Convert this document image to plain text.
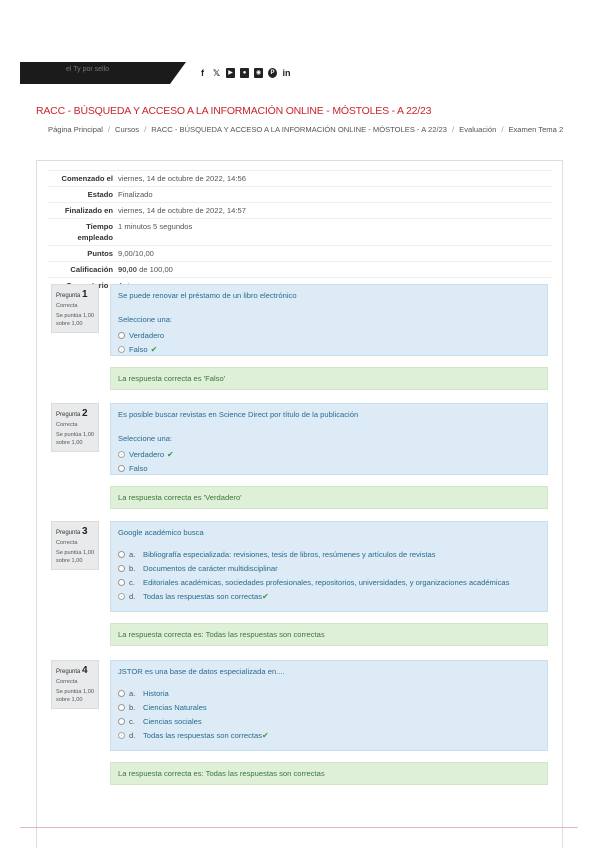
el Ty por sello	f 𝕏	▶	●	◉	P in
RACC - BÚSQUEDA Y ACCESO A LA INFORMACIÓN ONLINE - MÓSTOLES - A 22/23
Página Principal / Cursos / RACC - BÚSQUEDA Y ACCESO A LA INFORMACIÓN ONLINE - MÓSTOLES - A 22/23 / Evaluación / Examen Tema 2
Comenzado el viernes, 14 de octubre de 2022, 14:56
Estado Finalizado
Finalizado en viernes, 14 de octubre de 2022, 14:57
Tiempo
empleado
1 minutos 5 segundos
Puntos 9,00/10,00
Calificación 90,00 de 100,00
Pregunta 1
Correcta
Se puntúa 1,00 sobre 1,00
Se puede renovar el préstamo de un libro electrónico
Seleccione una:
Verdadero
Falso ✔
La respuesta correcta es 'Falso'
Pregunta 2
Correcta
Se puntúa 1,00 sobre 1,00
Es posible buscar revistas en Science Direct por título de la publicación
Seleccione una:
Verdadero ✔
Falso
La respuesta correcta es 'Verdadero'
Pregunta 3
Correcta
Se puntúa 1,00 sobre 1,00
Google académico busca
a.	Bibliografía especializada: revisiones, tesis de libros, resúmenes y artículos de revistas
b.	Documentos de carácter multidisciplinar
c.	Editoriales académicas, sociedades profesionales, repositorios, universidades, y organizaciones académicas
d.	Todas las respuestas son correctas ✔
La respuesta correcta es: Todas las respuestas son correctas
Pregunta 4
Correcta
Se puntúa 1,00 sobre 1,00
JSTOR es una base de datos especializada en....
a.	Historia
b.	Ciencias Naturales
c.	Ciencias sociales
d.	Todas las respuestas son correctas ✔
La respuesta correcta es: Todas las respuestas son correctas
